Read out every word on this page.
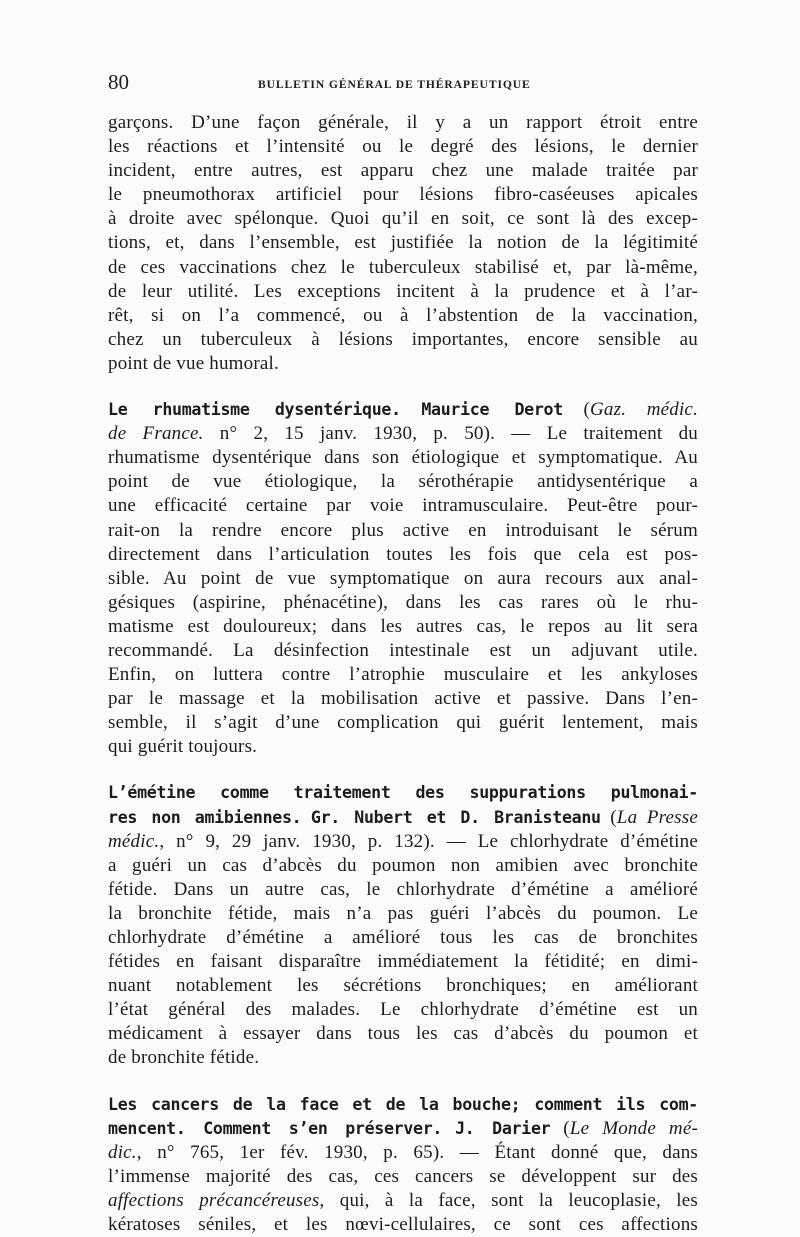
80	BULLETIN GÉNÉRAL DE THÉRAPEUTIQUE
garçons. D’une façon générale, il y a un rapport étroit entre
les réactions et l’intensité ou le degré des lésions, le dernier
incident, entre autres, est apparu chez une malade traitée par
le pneumothorax artificiel pour lésions fibro-caséeuses apicales
à droite avec spélonque. Quoi qu’il en soit, ce sont là des excep-
tions, et, dans l’ensemble, est justifiée la notion de la légitimité
de ces vaccinations chez le tuberculeux stabilisé et, par là-même,
de leur utilité. Les exceptions incitent à la prudence et à l’ar-
rêt, si on l’a commencé, ou à l’abstention de la vaccination,
chez un tuberculeux à lésions importantes, encore sensible au
point de vue humoral.
Le rhumatisme dysentérique. Maurice Derot (Gaz. médic.
de France. n° 2, 15 janv. 1930, p. 50). — Le traitement du
rhumatisme dysentérique dans son étiologique et symptomatique. Au
point de vue étiologique, la sérothérapie antidysentérique a
une efficacité certaine par voie intramusculaire. Peut-être pour-
rait-on la rendre encore plus active en introduisant le sérum
directement dans l’articulation toutes les fois que cela est pos-
sible. Au point de vue symptomatique on aura recours aux anal-
gésiques (aspirine, phénacétine), dans les cas rares où le rhu-
matisme est douloureux; dans les autres cas, le repos au lit sera
recommandé. La désinfection intestinale est un adjuvant utile.
Enfin, on luttera contre l’atrophie musculaire et les ankyloses
par le massage et la mobilisation active et passive. Dans l’en-
semble, il s’agit d’une complication qui guérit lentement, mais
qui guérit toujours.
L’émétine comme traitement des suppurations pulmonai-
res non amibiennes. Gr. Nubert et D. Branisteanu (La Presse
médic., n° 9, 29 janv. 1930, p. 132). — Le chlorhydrate d’émétine
a guéri un cas d’abcès du poumon non amibien avec bronchite
fétide. Dans un autre cas, le chlorhydrate d’émétine a amélioré
la bronchite fétide, mais n’a pas guéri l’abcès du poumon. Le
chlorhydrate d’émétine a amélioré tous les cas de bronchites
fétides en faisant disparaître immédiatement la fétidité; en dimi-
nuant notablement les sécrétions bronchiques; en améliorant
l’état général des malades. Le chlorhydrate d’émétine est un
médicament à essayer dans tous les cas d’abcès du poumon et
de bronchite fétide.
Les cancers de la face et de la bouche; comment ils com-
mencent. Comment s’en préserver. J. Darier (Le Monde mé-
dic., n° 765, 1er fév. 1930, p. 65). — Étant donné que, dans
l’immense majorité des cas, ces cancers se développent sur des
affections précancéreuses, qui, à la face, sont la leucoplasie, les
kératoses séniles, et les nœvi-cellulaires, ce sont ces affections
